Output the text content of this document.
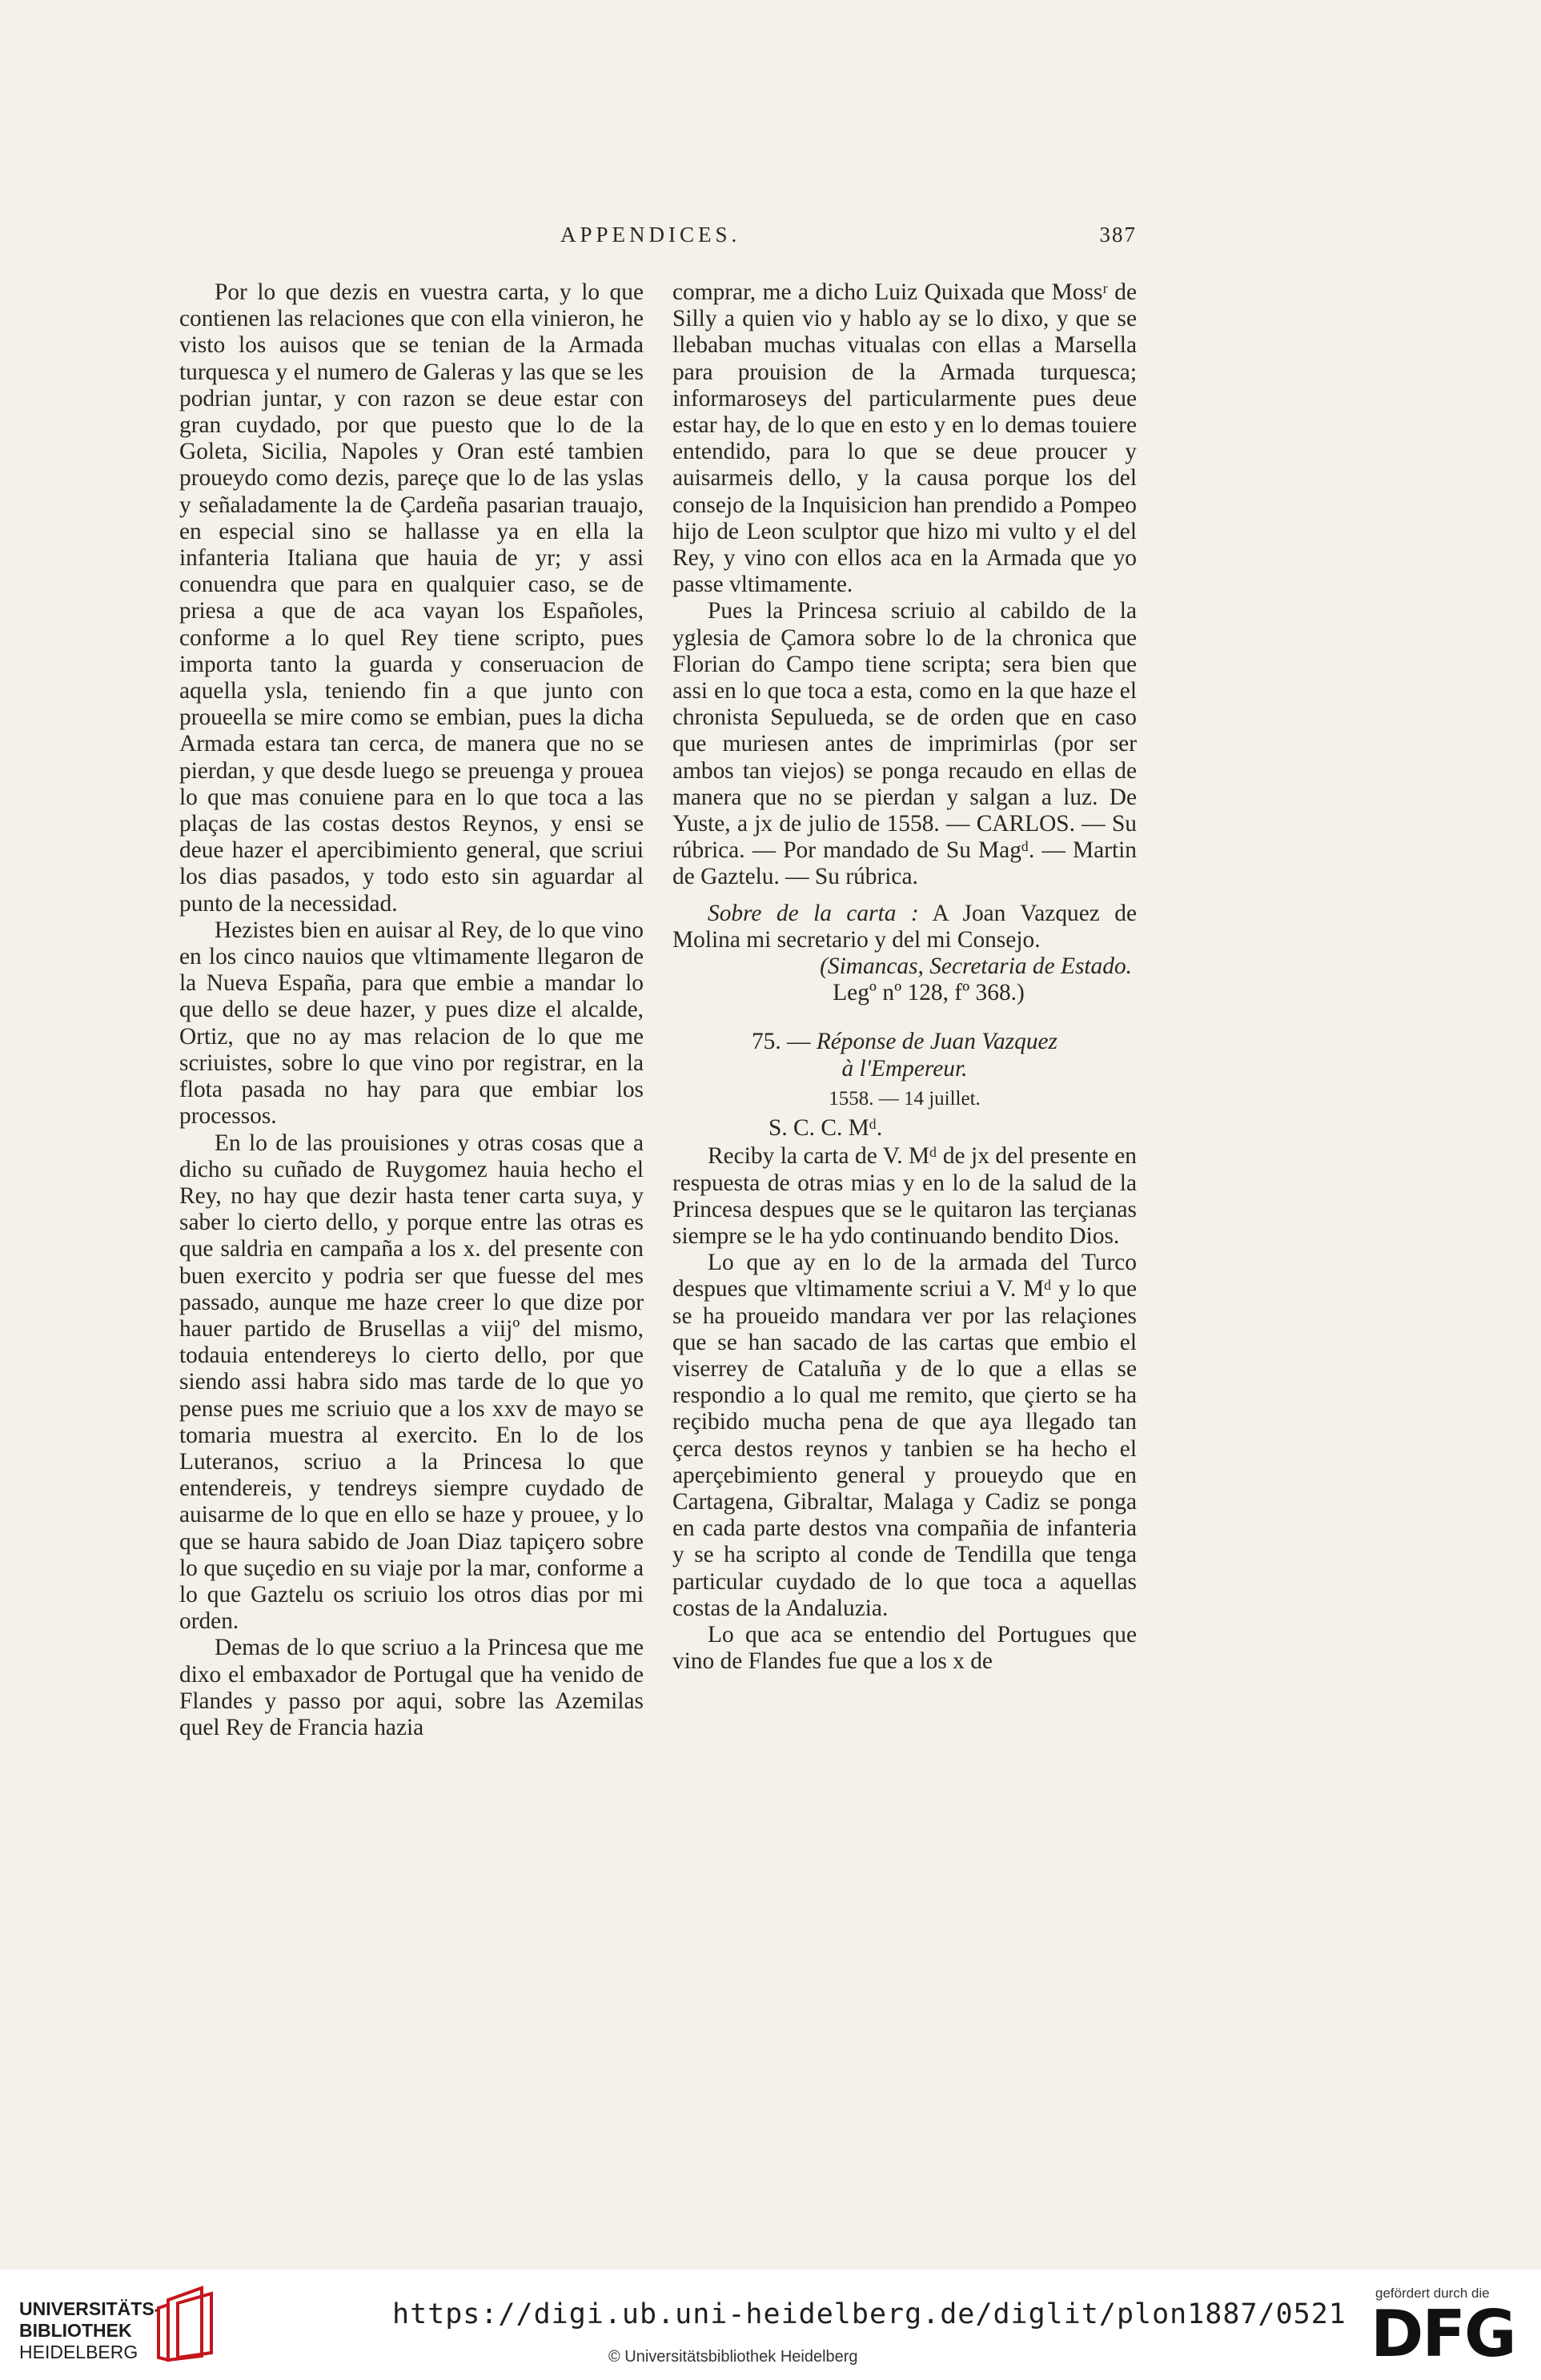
APPENDICES.	387

Por lo que dezis en vuestra carta, y lo que contienen las relaciones que con ella vinieron, he visto los auisos que se tenian de la Armada turquesca y el numero de Galeras y las que se les podrian juntar, y con razon se deue estar con gran cuydado, por que puesto que lo de la Goleta, Sicilia, Napoles y Oran esté tambien proueydo como dezis, pareçe que lo de las yslas y señaladamente la de Çardeña pasarian trauajo, en especial sino se hallasse ya en ella la infanteria Italiana que hauia de yr; y assi conuendra que para en qualquier caso, se de priesa a que de aca vayan los Españoles, conforme a lo quel Rey tiene scripto, pues importa tanto la guarda y conseruacion de aquella ysla, teniendo fin a que junto con proueella se mire como se embian, pues la dicha Armada estara tan cerca, de manera que no se pierdan, y que desde luego se preuenga y prouea lo que mas conuiene para en lo que toca a las plaças de las costas destos Reynos, y ensi se deue hazer el apercibimiento general, que scriui los dias pasados, y todo esto sin aguardar al punto de la necessidad.

Hezistes bien en auisar al Rey, de lo que vino en los cinco nauios que vltimamente llegaron de la Nueva España, para que embie a mandar lo que dello se deue hazer, y pues dize el alcalde, Ortiz, que no ay mas relacion de lo que me scriuistes, sobre lo que vino por registrar, en la flota pasada no hay para que embiar los processos.

En lo de las prouisiones y otras cosas que a dicho su cuñado de Ruygomez hauia hecho el Rey, no hay que dezir hasta tener carta suya, y saber lo cierto dello, y porque entre las otras es que saldria en campaña a los x. del presente con buen exercito y podria ser que fuesse del mes passado, aunque me haze creer lo que dize por hauer partido de Brusellas a viijº del mismo, todauia entendereys lo cierto dello, por que siendo assi habra sido mas tarde de lo que yo pense pues me scriuio que a los xxv de mayo se tomaria muestra al exercito. En lo de los Luteranos, scriuo a la Princesa lo que entendereis, y tendreys siempre cuydado de auisarme de lo que en ello se haze y prouee, y lo que se haura sabido de Joan Diaz tapiçero sobre lo que suçedio en su viaje por la mar, conforme a lo que Gaztelu os scriuio los otros dias por mi orden.

Demas de lo que scriuo a la Princesa que me dixo el embaxador de Portugal que ha venido de Flandes y passo por aqui, sobre las Azemilas quel Rey de Francia hazia

comprar, me a dicho Luiz Quixada que Mossʳ de Silly a quien vio y hablo ay se lo dixo, y que se llebaban muchas vitualas con ellas a Marsella para prouision de la Armada turquesca; informaroseys del particularmente pues deue estar hay, de lo que en esto y en lo demas touiere entendido, para lo que se deue proucer y auisarmeis dello, y la causa porque los del consejo de la Inquisicion han prendido a Pompeo hijo de Leon sculptor que hizo mi vulto y el del Rey, y vino con ellos aca en la Armada que yo passe vltimamente.

Pues la Princesa scriuio al cabildo de la yglesia de Çamora sobre lo de la chronica que Florian do Campo tiene scripta; sera bien que assi en lo que toca a esta, como en la que haze el chronista Sepulueda, se de orden que en caso que muriesen antes de imprimirlas (por ser ambos tan viejos) se ponga recaudo en ellas de manera que no se pierdan y salgan a luz. De Yuste, a jx de julio de 1558. — CARLOS. — Su rúbrica. — Por mandado de Su Magᵈ. — Martin de Gaztelu. — Su rúbrica.

Sobre de la carta : A Joan Vazquez de Molina mi secretario y del mi Consejo.

(Simancas, Secretaria de Estado.

Legº nº 128, fº 368.)

75. — Réponse de Juan Vazquez

à l'Empereur.

1558. — 14 juillet.

S. C. C. Mᵈ.

Reciby la carta de V. Mᵈ de jx del presente en respuesta de otras mias y en lo de la salud de la Princesa despues que se le quitaron las terçianas siempre se le ha ydo continuando bendito Dios.

Lo que ay en lo de la armada del Turco despues que vltimamente scriui a V. Mᵈ y lo que se ha proueido mandara ver por las relaçiones que se han sacado de las cartas que embio el viserrey de Cataluña y de lo que a ellas se respondio a lo qual me remito, que çierto se ha reçibido mucha pena de que aya llegado tan çerca destos reynos y tanbien se ha hecho el aperçebimiento general y proueydo que en Cartagena, Gibraltar, Malaga y Cadiz se ponga en cada parte destos vna compañia de infanteria y se ha scripto al conde de Tendilla que tenga particular cuydado de lo que toca a aquellas costas de la Andaluzia.

Lo que aca se entendio del Portugues que vino de Flandes fue que a los x de

UNIVERSITÄTS-
BIBLIOTHEK
HEIDELBERG
https://digi.ub.uni-heidelberg.de/diglit/plon1887/0521
© Universitätsbibliothek Heidelberg
gefördert durch die
DFG
